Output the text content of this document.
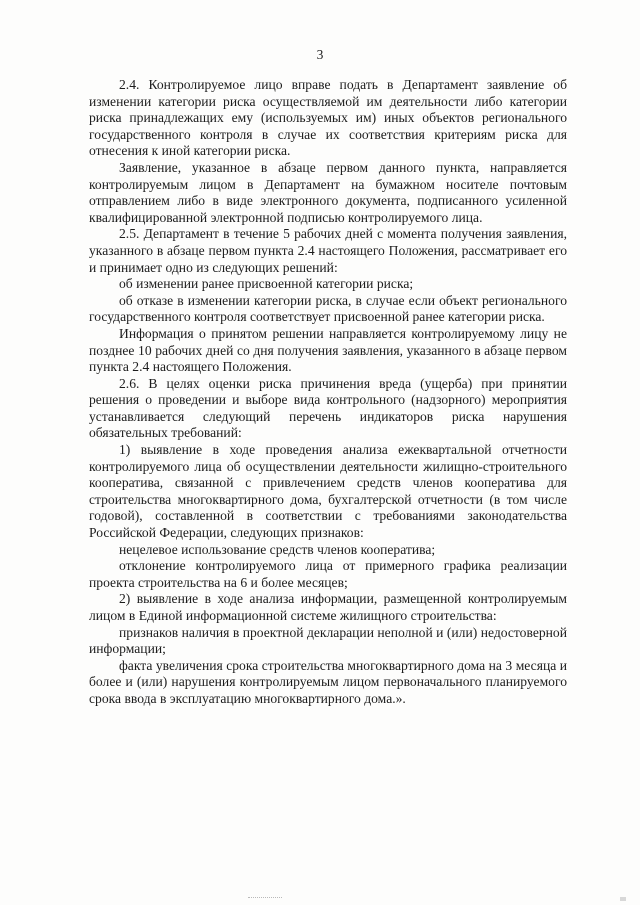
3

2.4. Контролируемое лицо вправе подать в Департамент заявление об изменении категории риска осуществляемой им деятельности либо категории риска принадлежащих ему (используемых им) иных объектов регионального государственного контроля в случае их соответствия критериям риска для отнесения к иной категории риска.

Заявление, указанное в абзаце первом данного пункта, направляется контролируемым лицом в Департамент на бумажном носителе почтовым отправлением либо в виде электронного документа, подписанного усиленной квалифицированной электронной подписью контролируемого лица.

2.5. Департамент в течение 5 рабочих дней с момента получения заявления, указанного в абзаце первом пункта 2.4 настоящего Положения, рассматривает его и принимает одно из следующих решений:

об изменении ранее присвоенной категории риска;

об отказе в изменении категории риска, в случае если объект регионального государственного контроля соответствует присвоенной ранее категории риска.

Информация о принятом решении направляется контролируемому лицу не позднее 10 рабочих дней со дня получения заявления, указанного в абзаце первом пункта 2.4 настоящего Положения.

2.6. В целях оценки риска причинения вреда (ущерба) при принятии решения о проведении и выборе вида контрольного (надзорного) мероприятия устанавливается следующий перечень индикаторов риска нарушения обязательных требований:

1) выявление в ходе проведения анализа ежеквартальной отчетности контролируемого лица об осуществлении деятельности жилищно-строительного кооператива, связанной с привлечением средств членов кооператива для строительства многоквартирного дома, бухгалтерской отчетности (в том числе годовой), составленной в соответствии с требованиями законодательства Российской Федерации, следующих признаков:

нецелевое использование средств членов кооператива;

отклонение контролируемого лица от примерного графика реализации проекта строительства на 6 и более месяцев;

2) выявление в ходе анализа информации, размещенной контролируемым лицом в Единой информационной системе жилищного строительства:

признаков наличия в проектной декларации неполной и (или) недостоверной информации;

факта увеличения срока строительства многоквартирного дома на 3 месяца и более и (или) нарушения контролируемым лицом первоначального планируемого срока ввода в эксплуатацию многоквартирного дома.».
